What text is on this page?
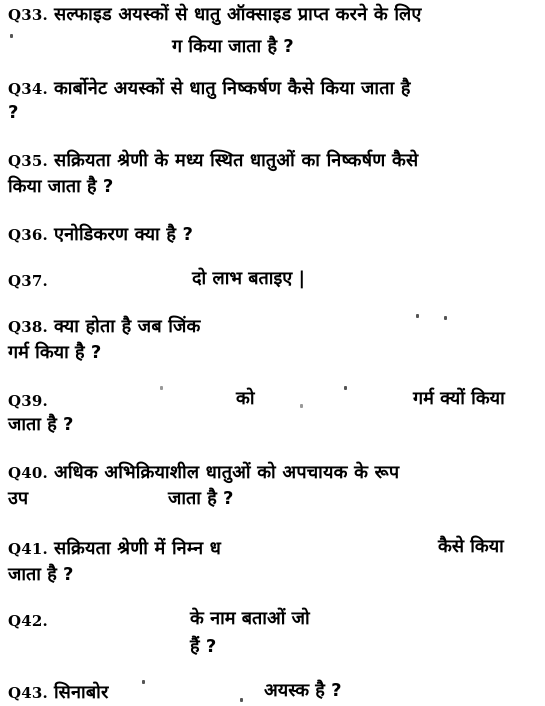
Q33. सल्फाइड अयस्कों से धातु ऑक्साइड प्राप्त करने के लिए
ग किया जाता है ?
Q34. कार्बोनेट अयस्कों से धातु निष्कर्षण कैसे किया जाता है
?
Q35. सक्रियता श्रेणी के मध्य स्थित धातुओं का निष्कर्षण कैसे
किया जाता है ?
Q36. एनोडिकरण क्या है ?
Q37.	दो लाभ बताइए |
Q38. क्या होता है जब जिंक
गर्म किया है ?
Q39.	को	गर्म क्यों किया
जाता है ?
Q40. अधिक अभिक्रियाशील धातुओं को अपचायक के रूप
उप	जाता है ?
Q41. सक्रियता श्रेणी में निम्न ध	कैसे किया
जाता है ?
Q42.	के नाम बताओं जो
हैं ?
Q43. सिनाबोर	अयस्क है ?
